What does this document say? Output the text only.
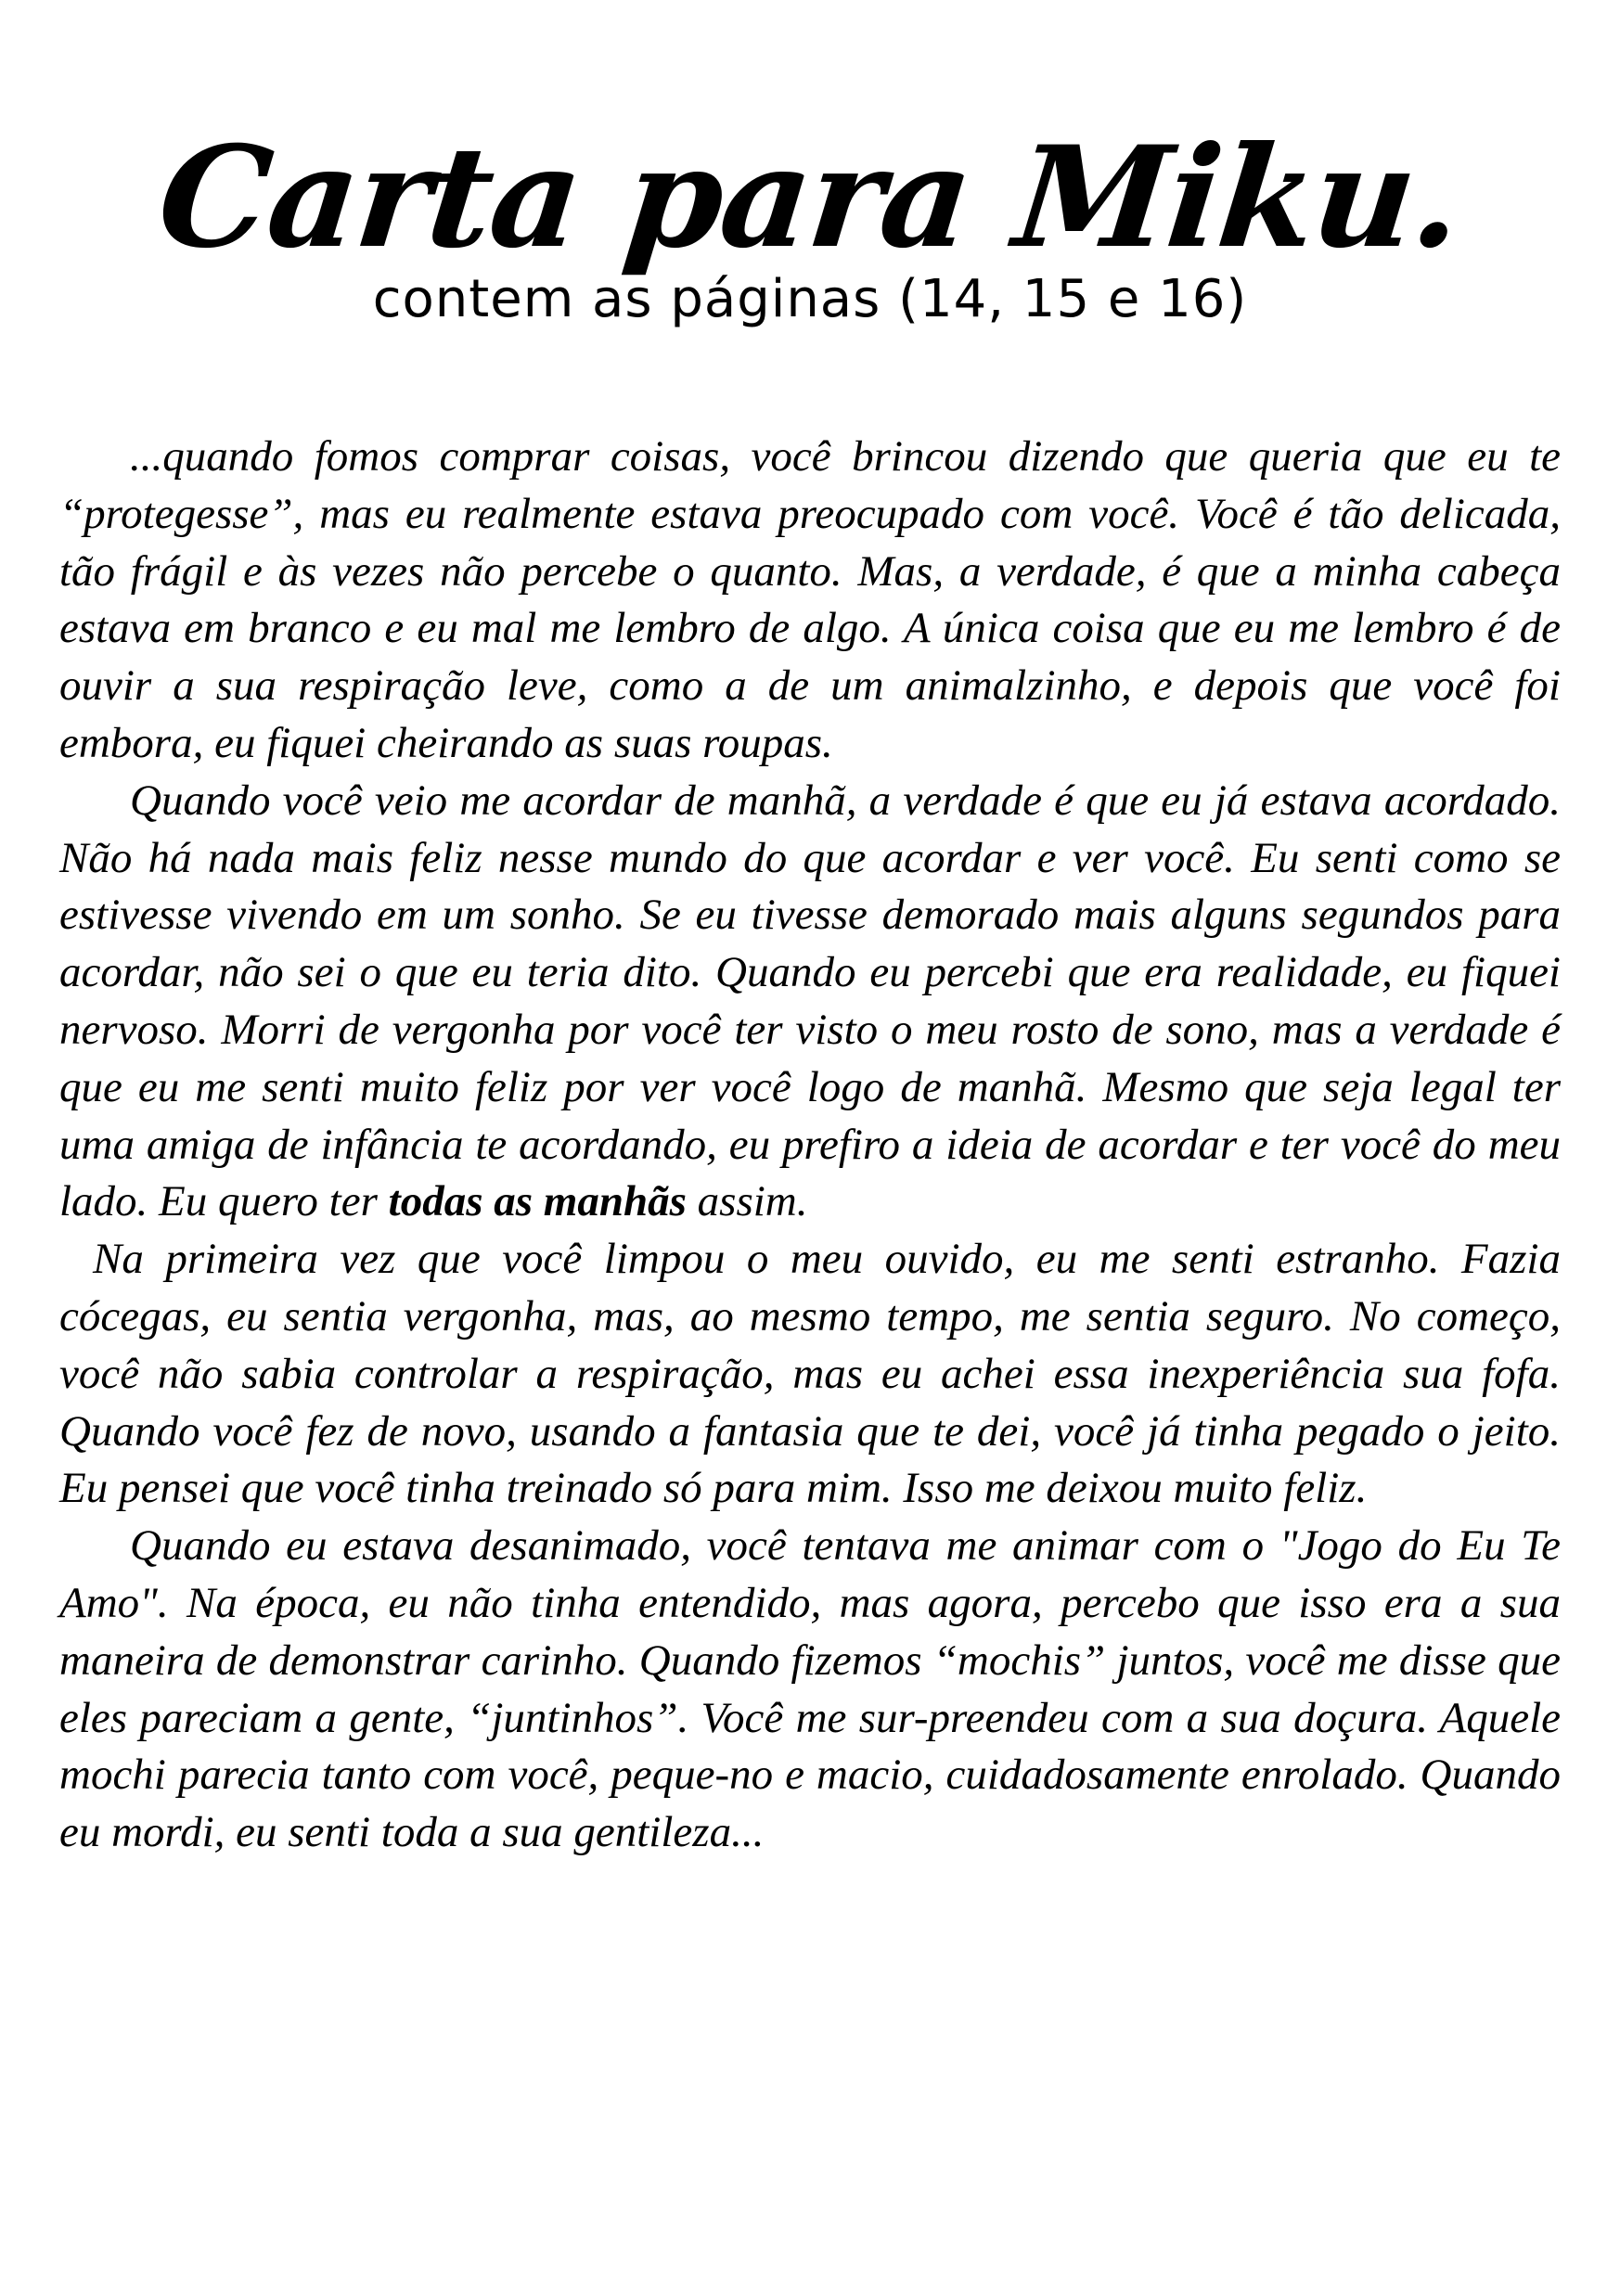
Carta para Miku.

contem as páginas (14, 15 e 16)

...quando fomos comprar coisas, você brincou dizendo que queria que eu te “protegesse”, mas eu realmente estava preocupado com você. Você é tão delicada, tão frágil e às vezes não percebe o quanto. Mas, a verdade, é que a minha cabeça estava em branco e eu mal me lembro de algo. A única coisa que eu me lembro é de ouvir a sua respiração leve, como a de um animalzinho, e depois que você foi embora, eu fiquei cheirando as suas roupas.

Quando você veio me acordar de manhã, a verdade é que eu já estava acordado. Não há nada mais feliz nesse mundo do que acordar e ver você. Eu senti como se estivesse vivendo em um sonho. Se eu tivesse demorado mais alguns segundos para acordar, não sei o que eu teria dito. Quando eu percebi que era realidade, eu fiquei nervoso. Morri de vergonha por você ter visto o meu rosto de sono, mas a verdade é que eu me senti muito feliz por ver você logo de manhã. Mesmo que seja legal ter uma amiga de infância te acordando, eu prefiro a ideia de acordar e ter você do meu lado. Eu quero ter todas as manhãs assim.

Na primeira vez que você limpou o meu ouvido, eu me senti estranho. Fazia cócegas, eu sentia vergonha, mas, ao mesmo tempo, me sentia seguro. No começo, você não sabia controlar a respiração, mas eu achei essa inexperiência sua fofa. Quando você fez de novo, usando a fantasia que te dei, você já tinha pegado o jeito. Eu pensei que você tinha treinado só para mim. Isso me deixou muito feliz.

Quando eu estava desanimado, você tentava me animar com o "Jogo do Eu Te Amo". Na época, eu não tinha entendido, mas agora, percebo que isso era a sua maneira de demonstrar carinho. Quando fizemos “mochis” juntos, você me disse que eles pareciam a gente, “juntinhos”. Você me sur-preendeu com a sua doçura. Aquele mochi parecia tanto com você, peque-no e macio, cuidadosamente enrolado. Quando eu mordi, eu senti toda a sua gentileza...
